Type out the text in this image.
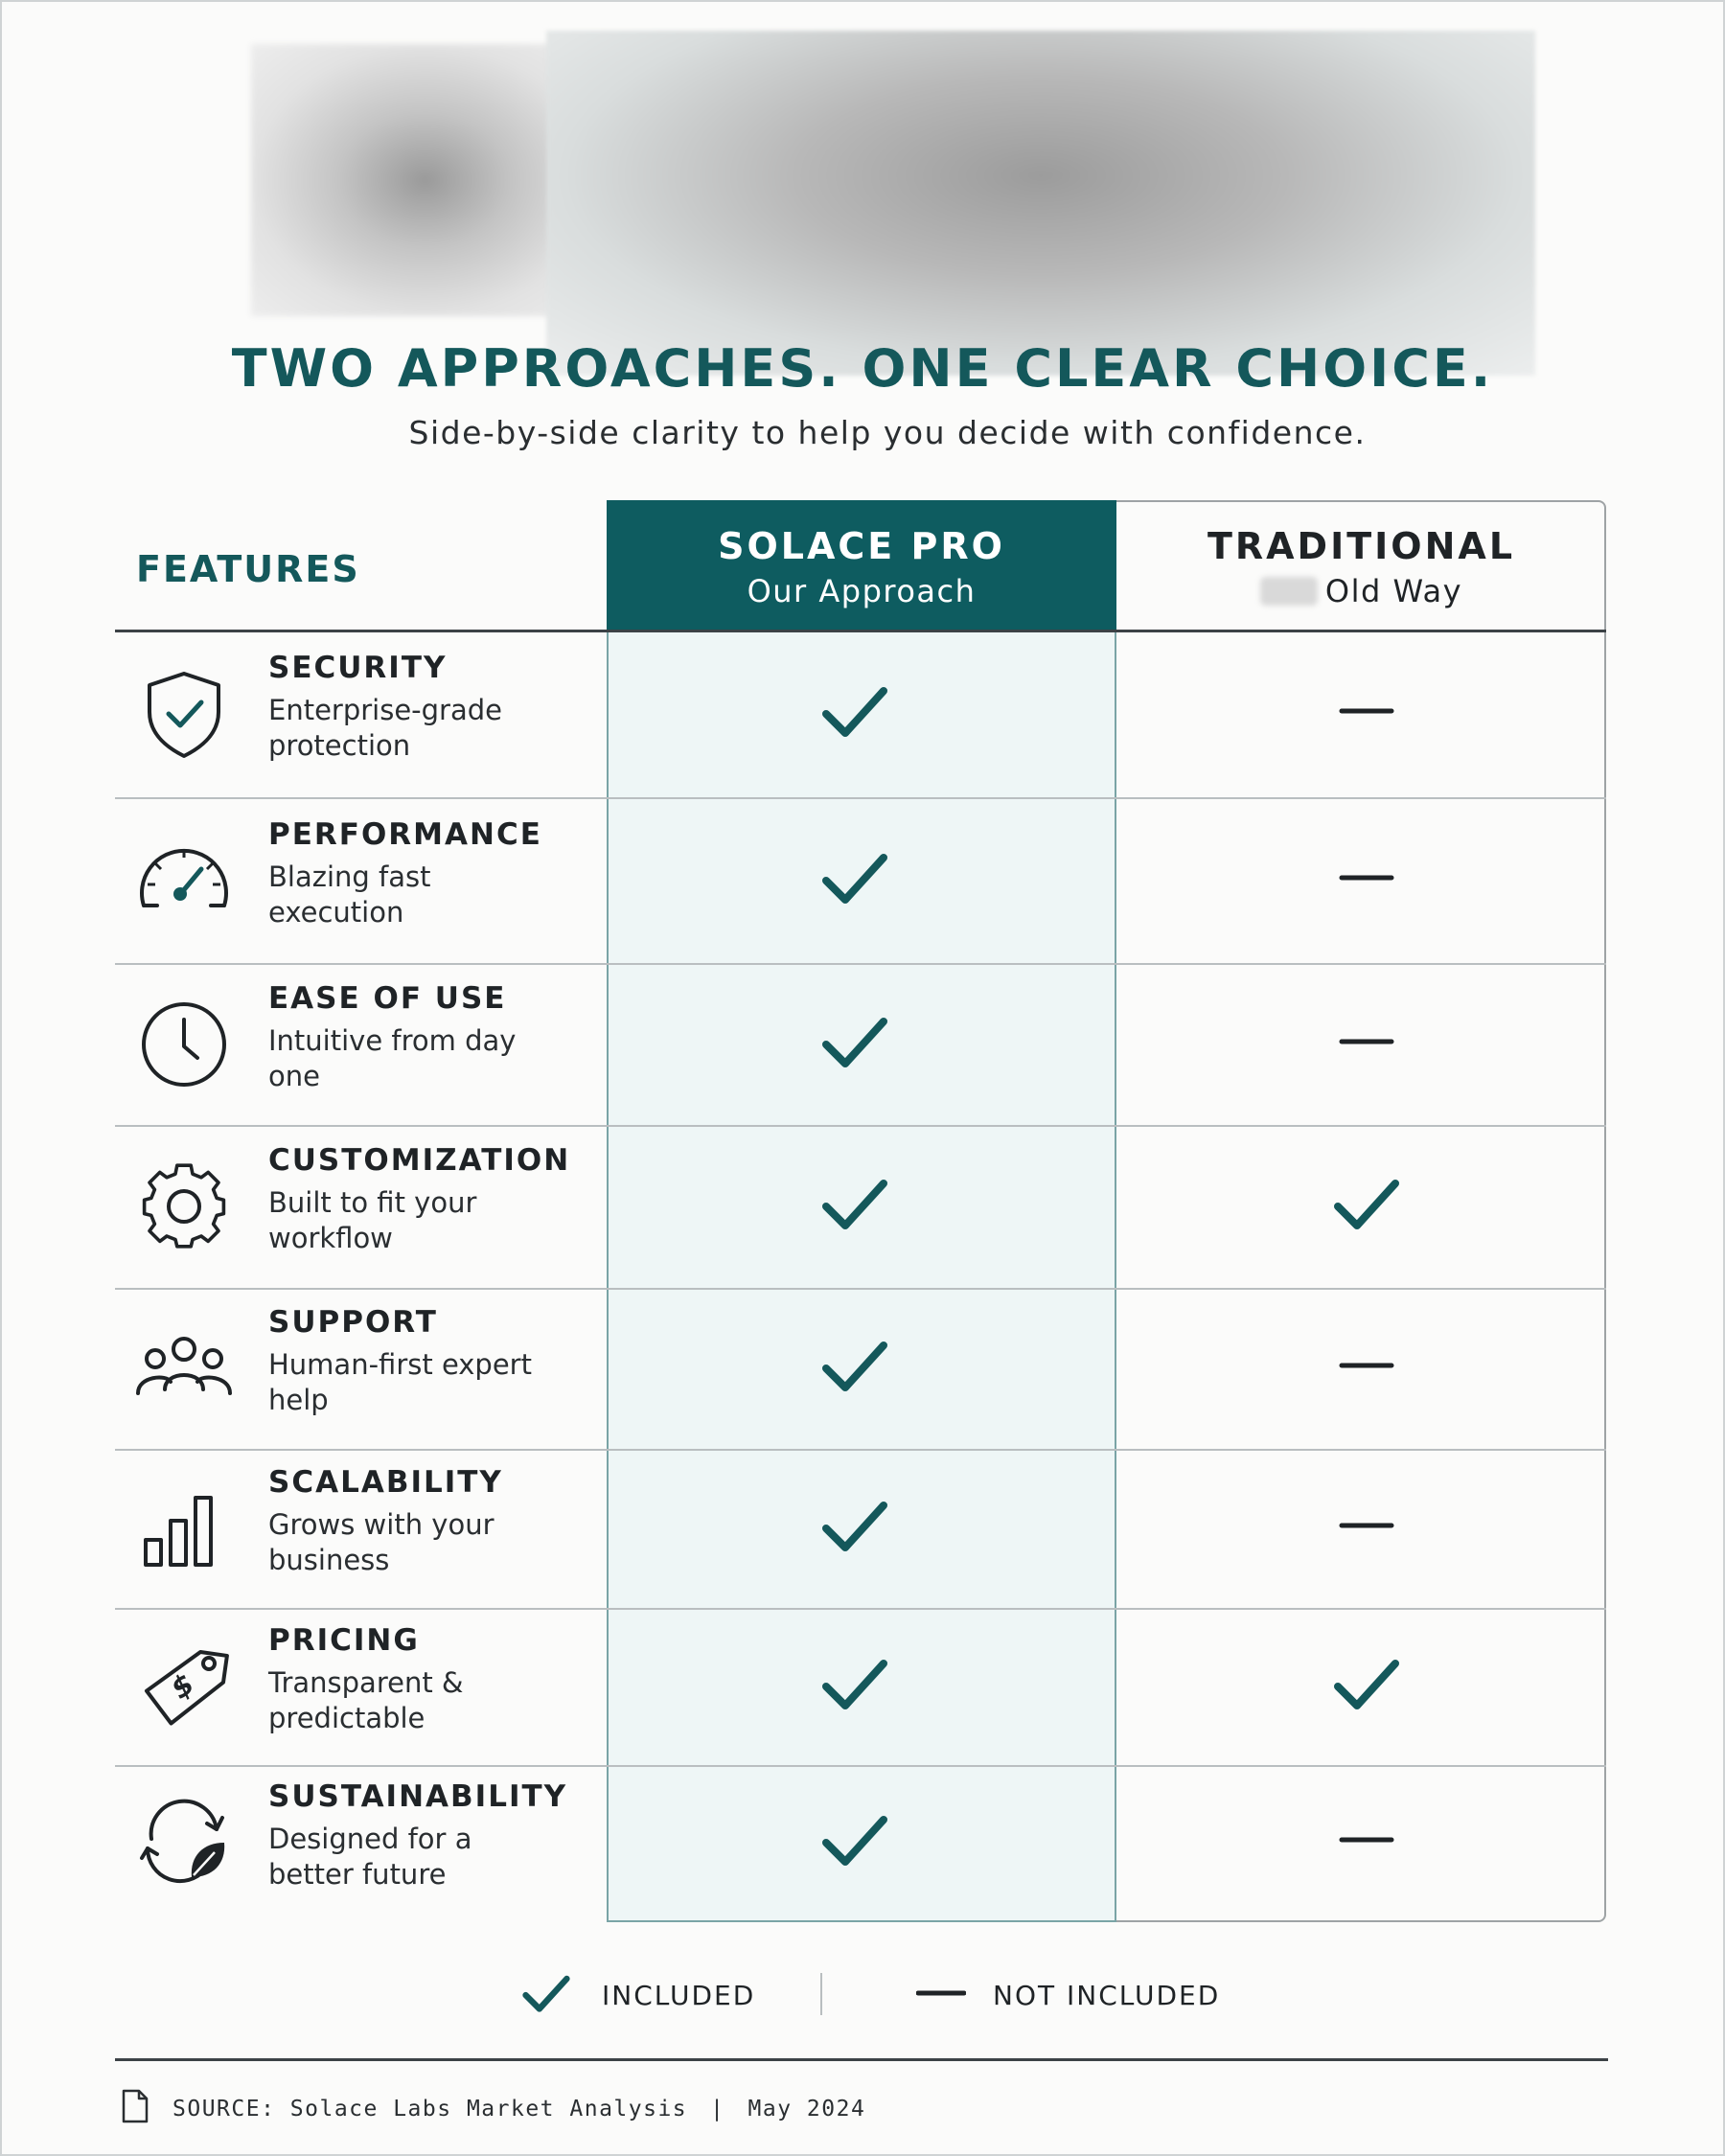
TWO APPROACHES. ONE CLEAR CHOICE.
Side-by-side clarity to help you decide with confidence.
FEATURES
SOLACE PRO
Our Approach
TRADITIONAL
Old Way
SECURITY
Enterprise-grade protection
PERFORMANCE
Blazing fast execution
EASE OF USE
Intuitive from day one
CUSTOMIZATION
Built to fit your workflow
SUPPORT
Human-first expert help
SCALABILITY
Grows with your business
$
PRICING
Transparent & predictable
SUSTAINABILITY
Designed for a better future
INCLUDED	NOT INCLUDED
SOURCE: Solace Labs Market Analysis | May 2024
